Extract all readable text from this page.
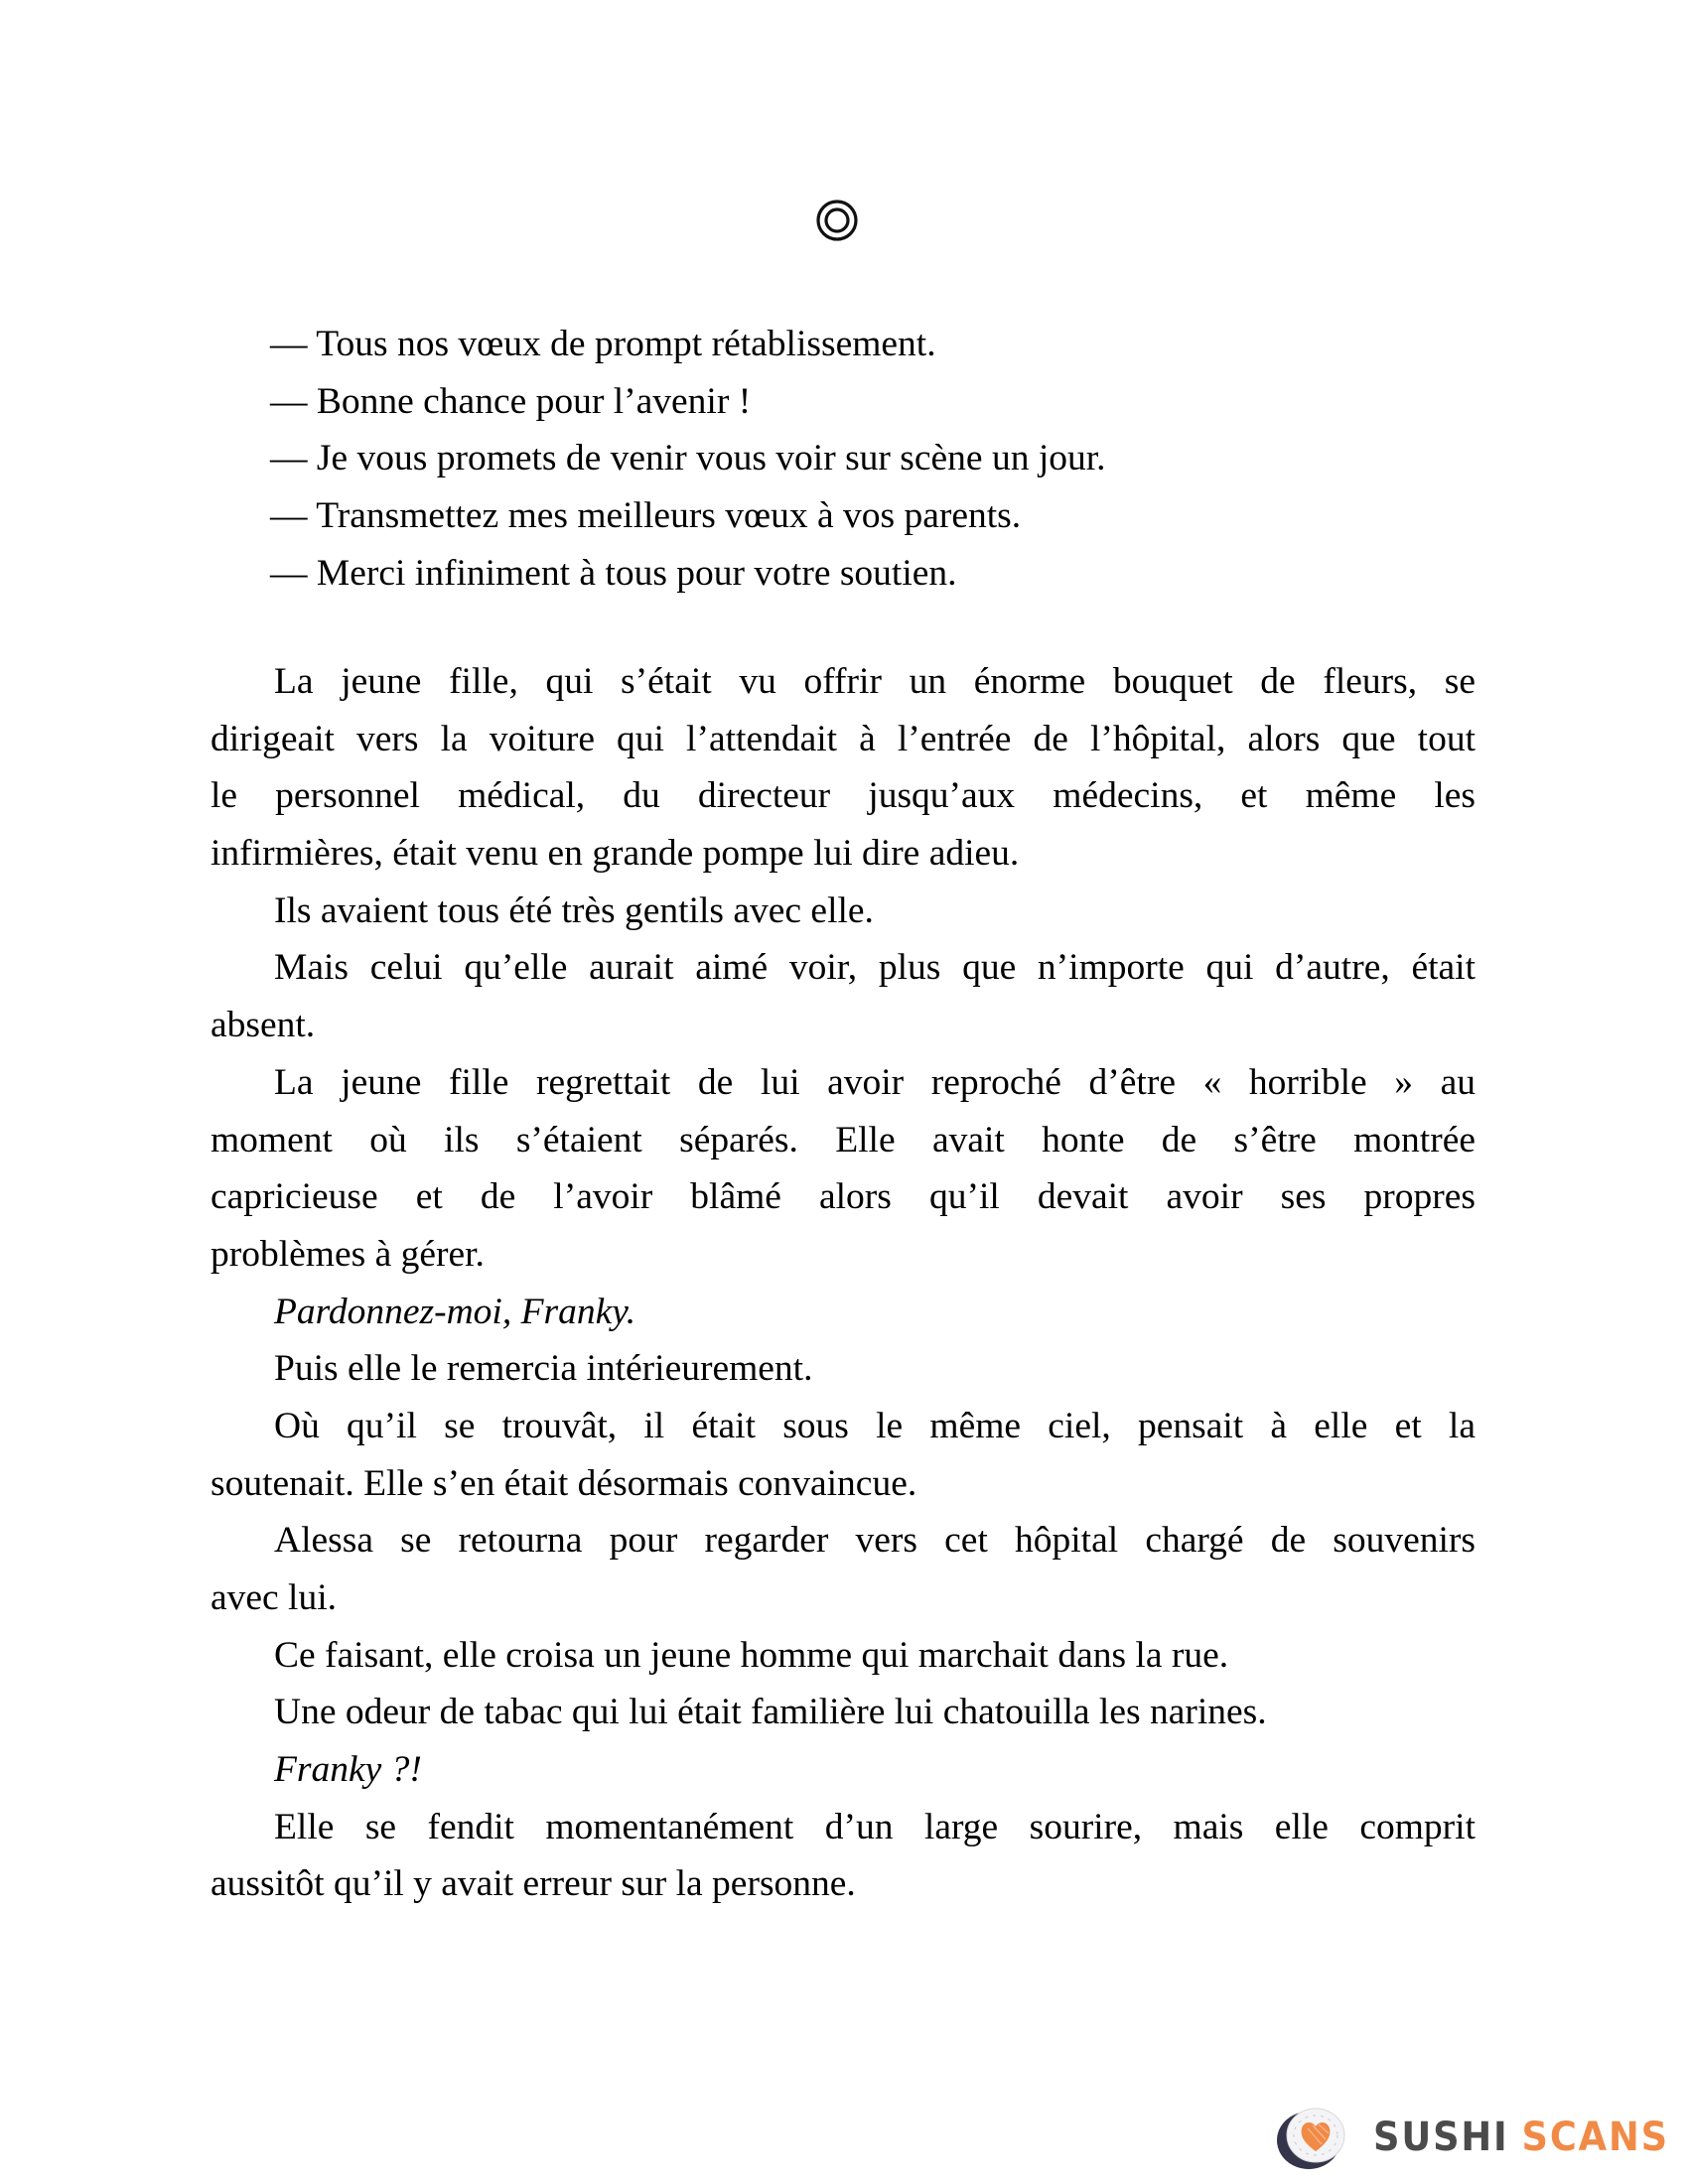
— Tous nos vœux de prompt rétablissement.
— Bonne chance pour l’avenir !
— Je vous promets de venir vous voir sur scène un jour.
— Transmettez mes meilleurs vœux à vos parents.
— Merci infiniment à tous pour votre soutien.
La jeune fille, qui s’était vu offrir un énorme bouquet de fleurs, se
dirigeait vers la voiture qui l’attendait à l’entrée de l’hôpital, alors que tout
le personnel médical, du directeur jusqu’aux médecins, et même les
infirmières, était venu en grande pompe lui dire adieu.
Ils avaient tous été très gentils avec elle.
Mais celui qu’elle aurait aimé voir, plus que n’importe qui d’autre, était
absent.
La jeune fille regrettait de lui avoir reproché d’être « horrible » au
moment où ils s’étaient séparés. Elle avait honte de s’être montrée
capricieuse et de l’avoir blâmé alors qu’il devait avoir ses propres
problèmes à gérer.
Pardonnez-moi, Franky.
Puis elle le remercia intérieurement.
Où qu’il se trouvât, il était sous le même ciel, pensait à elle et la
soutenait. Elle s’en était désormais convaincue.
Alessa se retourna pour regarder vers cet hôpital chargé de souvenirs
avec lui.
Ce faisant, elle croisa un jeune homme qui marchait dans la rue.
Une odeur de tabac qui lui était familière lui chatouilla les narines.
Franky ?!
Elle se fendit momentanément d’un large sourire, mais elle comprit
aussitôt qu’il y avait erreur sur la personne.
SUSHI SCANS
